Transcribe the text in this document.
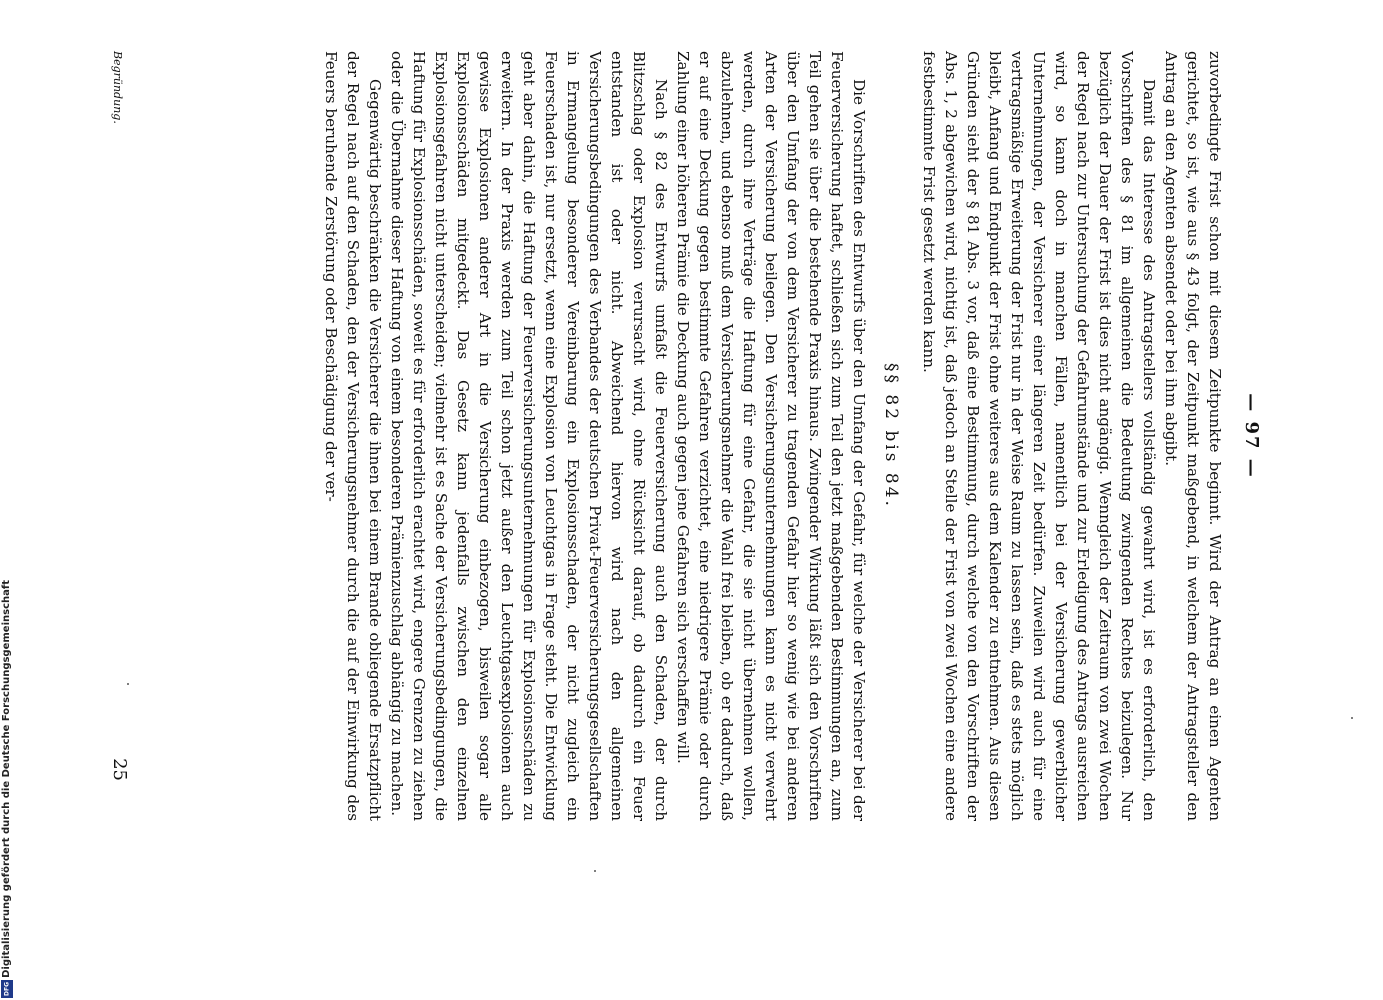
— 97 —

zuvorbedingte Frist schon mit diesem Zeitpunkte beginnt. Wird der Antrag an einen Agenten gerichtet, so ist, wie aus § 43 folgt, der Zeitpunkt maßgebend, in welchem der Antragsteller den Antrag an den Agenten absendet oder bei ihm abgibt.

Damit das Interesse des Antragstellers vollständig gewahrt wird, ist es erforderlich, den Vorschriften des § 81 im allgemeinen die Bedeutung zwingenden Rechtes beizulegen. Nur bezüglich der Dauer der Frist ist dies nicht angängig. Wenngleich der Zeitraum von zwei Wochen der Regel nach zur Untersuchung der Gefahrumstände und zur Erledigung des Antrags ausreichen wird, so kann doch in manchen Fällen, namentlich bei der Versicherung gewerblicher Unternehmungen, der Versicherer einer längeren Zeit bedürfen. Zuweilen wird auch für eine vertragsmäßige Erweiterung der Frist nur in der Weise Raum zu lassen sein, daß es stets möglich bleibt, Anfang und Endpunkt der Frist ohne weiteres aus dem Kalender zu entnehmen. Aus diesen Gründen sieht der § 81 Abs. 3 vor, daß eine Bestimmung, durch welche von den Vorschriften der Abs. 1, 2 abgewichen wird, nichtig ist, daß jedoch an Stelle der Frist von zwei Wochen eine andere festbestimmte Frist gesetzt werden kann.

§§ 82 bis 84.

Die Vorschriften des Entwurfs über den Umfang der Gefahr, für welche der Versicherer bei der Feuerversicherung haftet, schließen sich zum Teil den jetzt maßgebenden Bestimmungen an, zum Teil gehen sie über die bestehende Praxis hinaus. Zwingender Wirkung läßt sich den Vorschriften über den Umfang der von dem Versicherer zu tragenden Gefahr hier so wenig wie bei anderen Arten der Versicherung beilegen. Den Versicherungsunternehmungen kann es nicht verwehrt werden, durch ihre Verträge die Haftung für eine Gefahr, die sie nicht übernehmen wollen, abzulehnen, und ebenso muß dem Versicherungsnehmer die Wahl frei bleiben, ob er dadurch, daß er auf eine Deckung gegen bestimmte Gefahren verzichtet, eine niedrigere Prämie oder durch Zahlung einer höheren Prämie die Deckung auch gegen jene Gefahren sich verschaffen will.

Nach § 82 des Entwurfs umfaßt die Feuerversicherung auch den Schaden, der durch Blitzschlag oder Explosion verursacht wird, ohne Rücksicht darauf, ob dadurch ein Feuer entstanden ist oder nicht. Abweichend hiervon wird nach den allgemeinen Versicherungsbedingungen des Verbandes der deutschen Privat-Feuerversicherungsgesellschaften in Ermangelung besonderer Vereinbarung ein Explosionsschaden, der nicht zugleich ein Feuerschaden ist, nur ersetzt, wenn eine Explosion von Leuchtgas in Frage steht. Die Entwicklung geht aber dahin, die Haftung der Feuerversicherungsunternehmungen für Explosionsschäden zu erweitern. In der Praxis werden zum Teil schon jetzt außer den Leuchtgasexplosionen auch gewisse Explosionen anderer Art in die Versicherung einbezogen, bisweilen sogar alle Explosionsschäden mitgedeckt. Das Gesetz kann jedenfalls zwischen den einzelnen Explosionsgefahren nicht unterscheiden; vielmehr ist es Sache der Versicherungsbedingungen, die Haftung für Explosionsschäden, soweit es für erforderlich erachtet wird, engere Grenzen zu ziehen oder die Übernahme dieser Haftung von einem besonderen Prämienzuschlag abhängig zu machen.

Gegenwärtig beschränken die Versicherer die ihnen bei einem Brande obliegende Ersatzpflicht der Regel nach auf den Schaden, den der Versicherungsnehmer durch die auf der Einwirkung des Feuers beruhende Zerstörung oder Beschädigung der ver-

Begründung.
25
Digitalisierung gefördert durch die Deutsche Forschungsgemeinschaft
DFG
